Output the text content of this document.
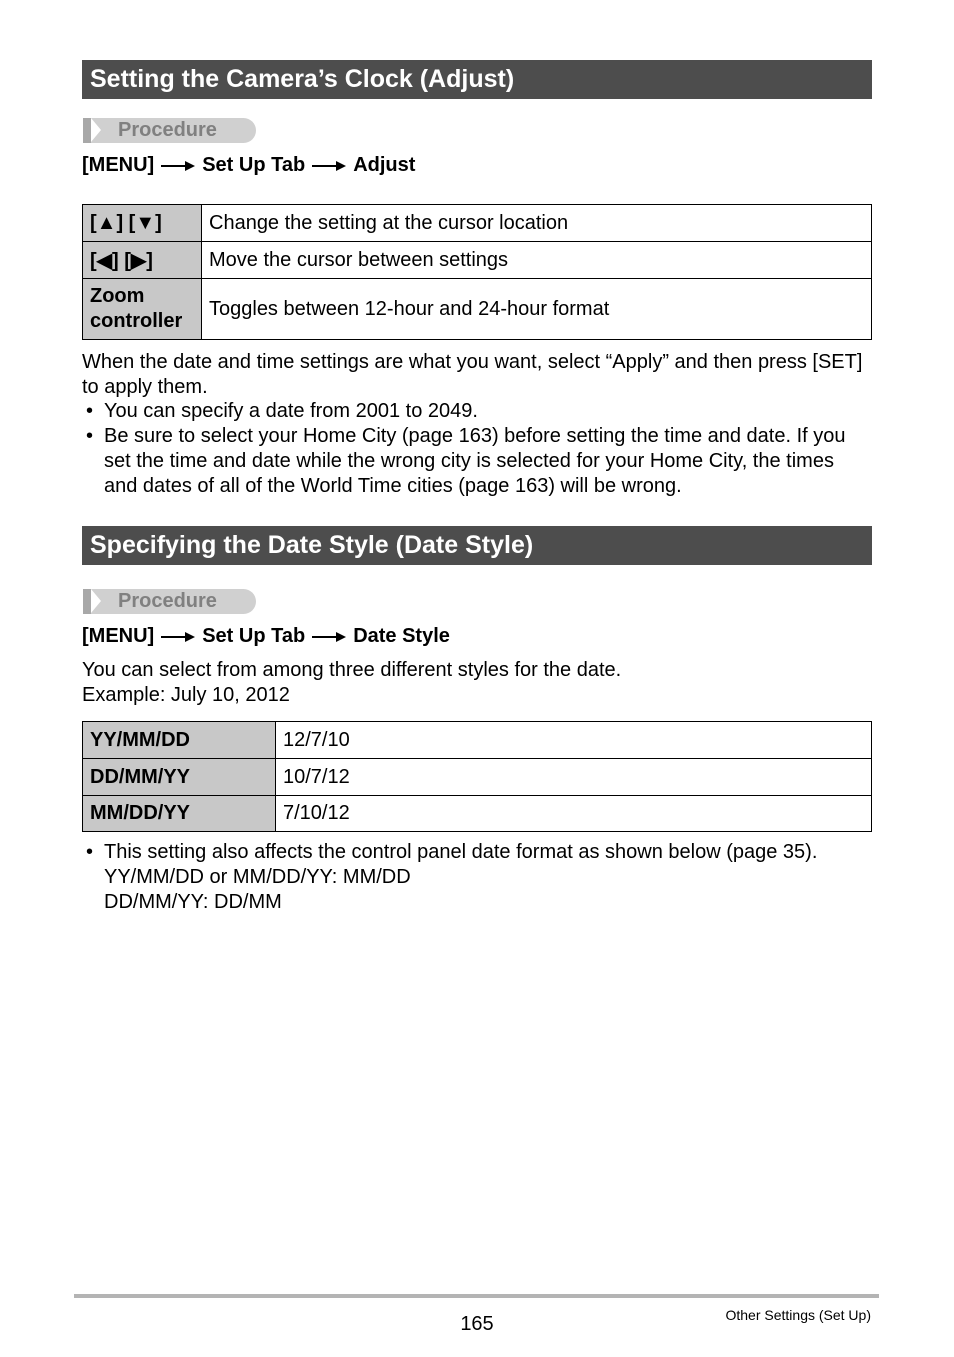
Setting the Camera’s Clock (Adjust)
Procedure
[MENU] Set Up Tab Adjust
[▲] [▼]	Change the setting at the cursor location
[◀] [▶]	Move the cursor between settings
Zoom controller	Toggles between 12-hour and 24-hour format
When the date and time settings are what you want, select “Apply” and then press [SET] to apply them.
• You can specify a date from 2001 to 2049.
• Be sure to select your Home City (page 163) before setting the time and date. If you set the time and date while the wrong city is selected for your Home City, the times and dates of all of the World Time cities (page 163) will be wrong.
Specifying the Date Style (Date Style)
Procedure
[MENU] Set Up Tab Date Style
You can select from among three different styles for the date.
Example: July 10, 2012
YY/MM/DD	12/7/10
DD/MM/YY	10/7/12
MM/DD/YY	7/10/12
• This setting also affects the control panel date format as shown below (page 35).
YY/MM/DD or MM/DD/YY: MM/DD
DD/MM/YY: DD/MM
165	Other Settings (Set Up)
